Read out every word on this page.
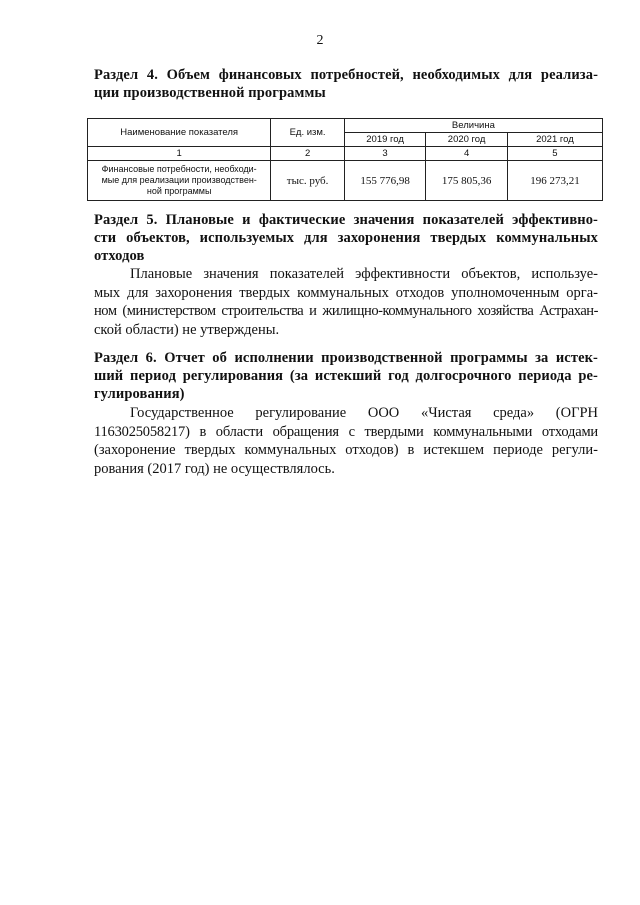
2
Раздел 4. Объем финансовых потребностей, необходимых для реализа-
ции производственной программы
Наименование показателя	Ед. изм.	Величина		
		2019 год	2020 год	2021 год
1	2	3	4	5

Финансовые потребности, необходи-
мые для реализации производствен-
ной программы	тыс. руб.	155 776,98	175 805,36	196 273,21
Раздел 5. Плановые и фактические значения показателей эффективно-
сти объектов, используемых для захоронения твердых коммунальных
отходов
Плановые значения показателей эффективности объектов, используе-
мых для захоронения твердых коммунальных отходов уполномоченным орга-
ном (министерством строительства и жилищно-коммунального хозяйства Астрахан-
ской области) не утверждены.
Раздел 6. Отчет об исполнении производственной программы за истек-
ший период регулирования (за истекший год долгосрочного периода ре-
гулирования)
Государственное регулирование ООО «Чистая среда» (ОГРН
1163025058217) в области обращения с твердыми коммунальными отходами
(захоронение твердых коммунальных отходов) в истекшем периоде регули-
рования (2017 год) не осуществлялось.
